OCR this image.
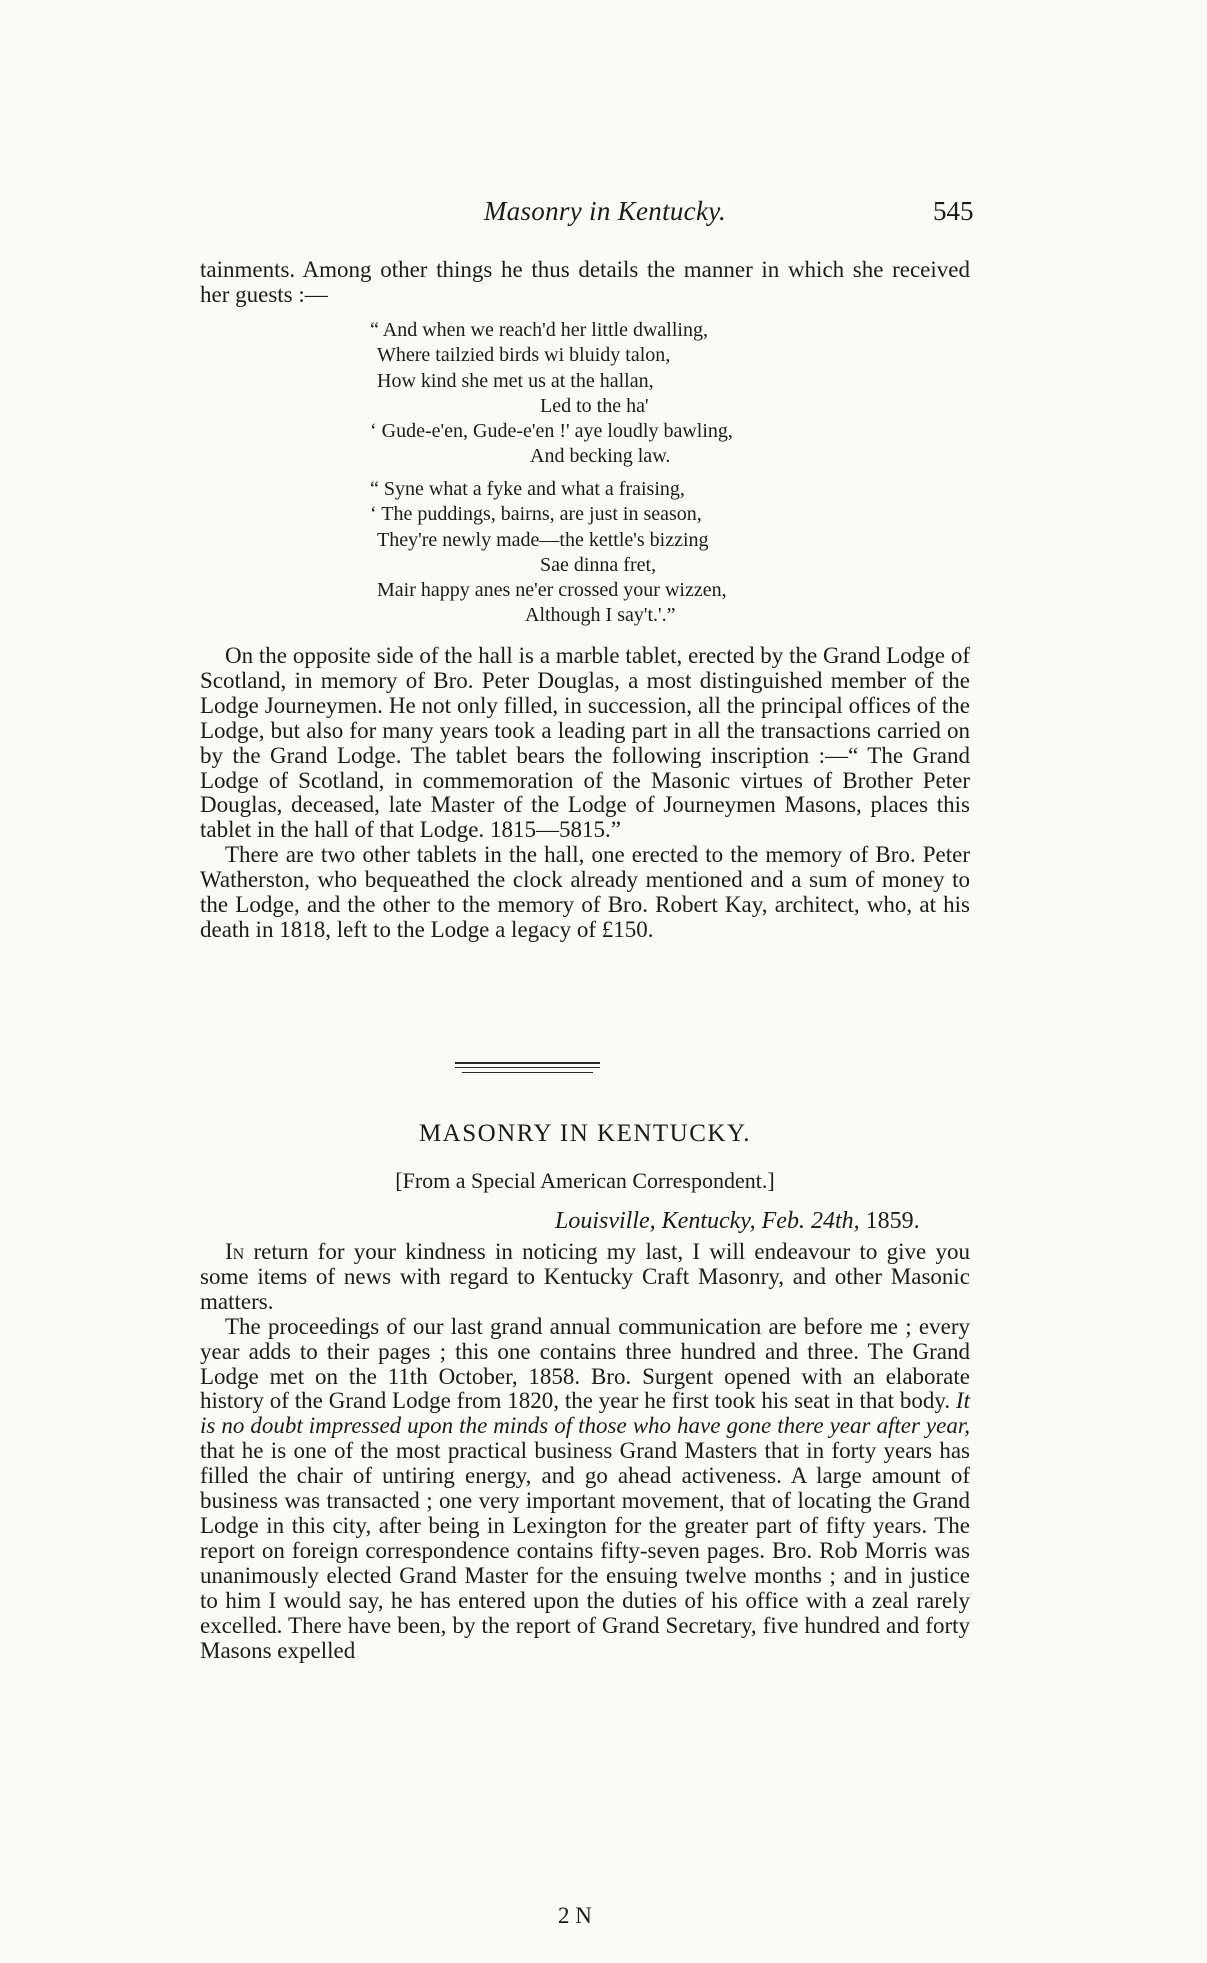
Masonry in Kentucky.	545

tainments. Among other things he thus details the manner in which she received her guests :—

“ And when we reach'd her little dwalling,
Where tailzied birds wi bluidy talon,
How kind she met us at the hallan,
Led to the ha'
‘ Gude-e'en, Gude-e'en !' aye loudly bawling,
And becking law.
“ Syne what a fyke and what a fraising,
‘ The puddings, bairns, are just in season,
They're newly made—the kettle's bizzing
Sae dinna fret,
Mair happy anes ne'er crossed your wizzen,
Although I say't.'.”

On the opposite side of the hall is a marble tablet, erected by the Grand Lodge of Scotland, in memory of Bro. Peter Douglas, a most distinguished member of the Lodge Journeymen. He not only filled, in succession, all the principal offices of the Lodge, but also for many years took a leading part in all the transactions carried on by the Grand Lodge. The tablet bears the following inscription :—“ The Grand Lodge of Scotland, in commemoration of the Masonic virtues of Brother Peter Douglas, deceased, late Master of the Lodge of Journeymen Masons, places this tablet in the hall of that Lodge. 1815—5815.”

There are two other tablets in the hall, one erected to the memory of Bro. Peter Watherston, who bequeathed the clock already mentioned and a sum of money to the Lodge, and the other to the memory of Bro. Robert Kay, architect, who, at his death in 1818, left to the Lodge a legacy of £150.

MASONRY IN KENTUCKY.
[From a Special American Correspondent.]
Louisville, Kentucky, Feb. 24th, 1859.

In return for your kindness in noticing my last, I will endeavour to give you some items of news with regard to Kentucky Craft Masonry, and other Masonic matters.

The proceedings of our last grand annual communication are before me ; every year adds to their pages ; this one contains three hundred and three. The Grand Lodge met on the 11th October, 1858. Bro. Surgent opened with an elaborate history of the Grand Lodge from 1820, the year he first took his seat in that body. It is no doubt impressed upon the minds of those who have gone there year after year, that he is one of the most practical business Grand Masters that in forty years has filled the chair of untiring energy, and go ahead activeness. A large amount of business was transacted ; one very important movement, that of locating the Grand Lodge in this city, after being in Lexington for the greater part of fifty years. The report on foreign correspondence contains fifty-seven pages. Bro. Rob Morris was unanimously elected Grand Master for the ensuing twelve months ; and in justice to him I would say, he has entered upon the duties of his office with a zeal rarely excelled. There have been, by the report of Grand Secretary, five hundred and forty Masons expelled

2 N
